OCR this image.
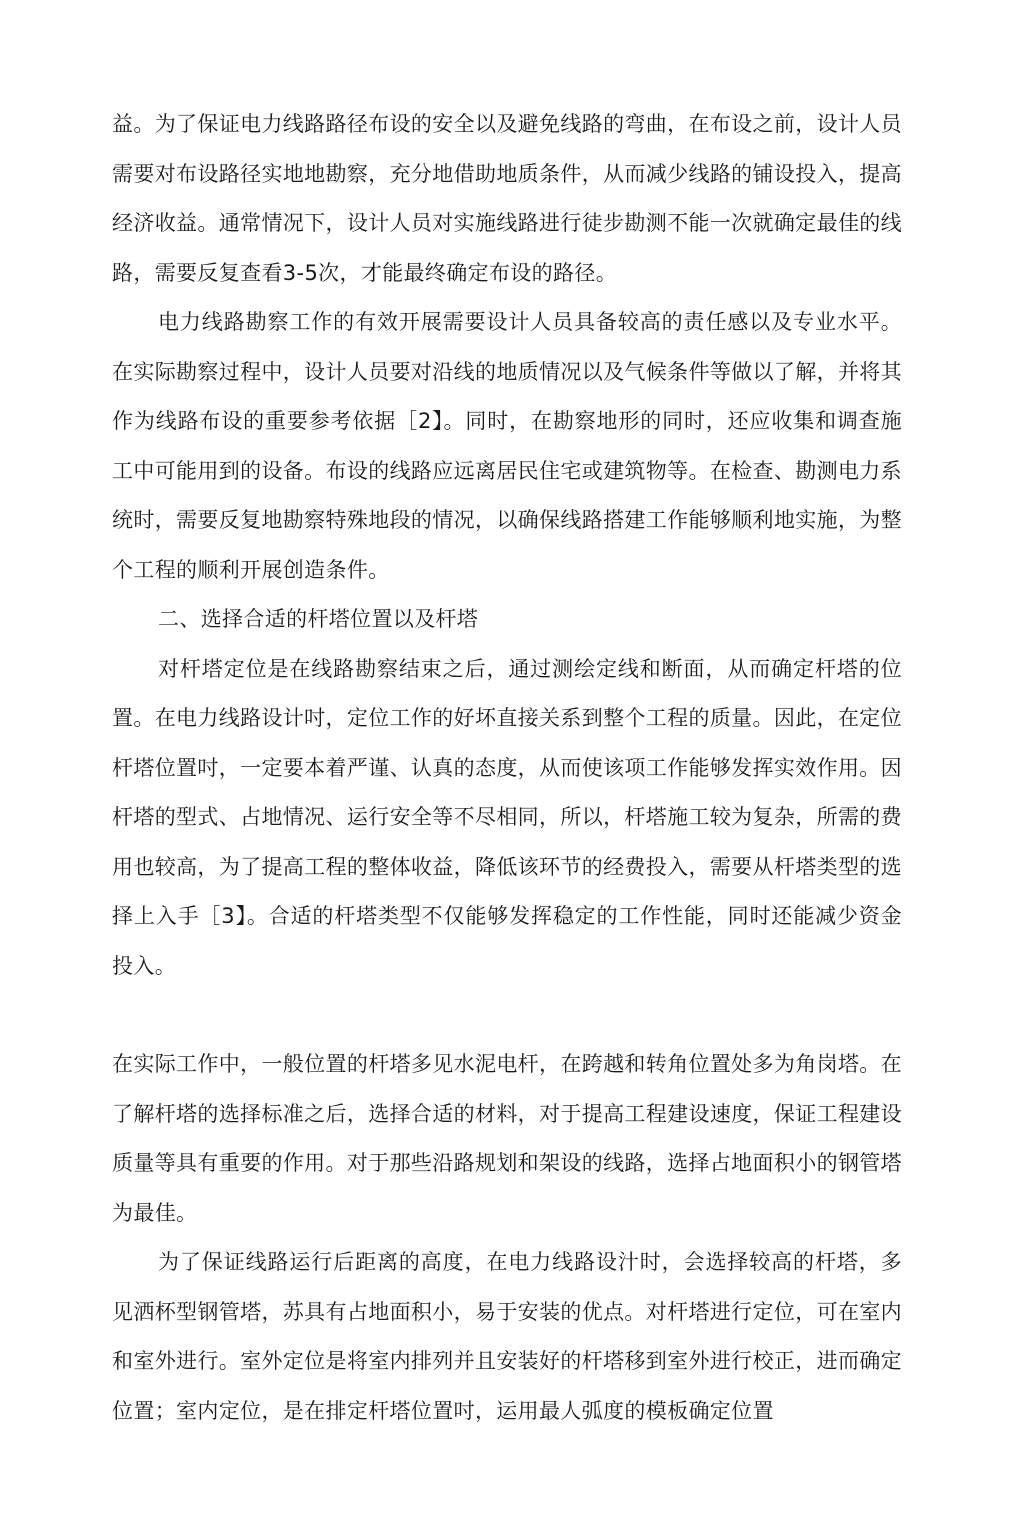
益。为了保证电力线路路径布设的安全以及避免线路的弯曲，在布设之前，设计人员需要对布设路径实地地勘察，充分地借助地质条件，从而减少线路的铺设投入，提高经济收益。通常情况下，设计人员对实施线路进行徒步勘测不能一次就确定最佳的线路，需要反复查看3-5次，才能最终确定布设的路径。

电力线路勘察工作的有效开展需要设计人员具备较高的责任感以及专业水平。在实际勘察过程中，设计人员要对沿线的地质情况以及气候条件等做以了解，并将其作为线路布设的重要参考依据［2】。同时，在勘察地形的同时，还应收集和调查施工中可能用到的设备。布设的线路应远离居民住宅或建筑物等。在检查、勘测电力系统时，需要反复地勘察特殊地段的情况，以确保线路搭建工作能够顺利地实施，为整个工程的顺利开展创造条件。

二、选择合适的杆塔位置以及杆塔

对杆塔定位是在线路勘察结束之后，通过测绘定线和断面，从而确定杆塔的位置。在电力线路设计吋，定位工作的好坏直接关系到整个工程的质量。因此，在定位杆塔位置吋，一定要本着严谨、认真的态度，从而使该项工作能够发挥实效作用。因杆塔的型式、占地情况、运行安全等不尽相同，所以，杆塔施工较为复杂，所需的费用也较高，为了提高工程的整体收益，降低该环节的经费投入，需要从杆塔类型的选择上入手［3】。合适的杆塔类型不仅能够发挥稳定的工作性能，同时还能减少资金投入。

在实际工作中，一般位置的杆塔多见水泥电杆，在跨越和转角位置处多为角岗塔。在了解杆塔的选择标准之后，选择合适的材料，对于提高工程建设速度，保证工程建设质量等具有重要的作用。对于那些沿路规划和架设的线路，选择占地面积小的钢管塔为最佳。

为了保证线路运行后距离的高度，在电力线路设汁时，会选择较高的杆塔，多见洒杯型钢管塔，苏具有占地面积小，易于安装的优点。对杆塔进行定位，可在室内和室外进行。室外定位是将室内排列并且安装好的杆塔移到室外进行校正，进而确定位置；室内定位，是在排定杆塔位置吋，运用最人弧度的模板确定位置
